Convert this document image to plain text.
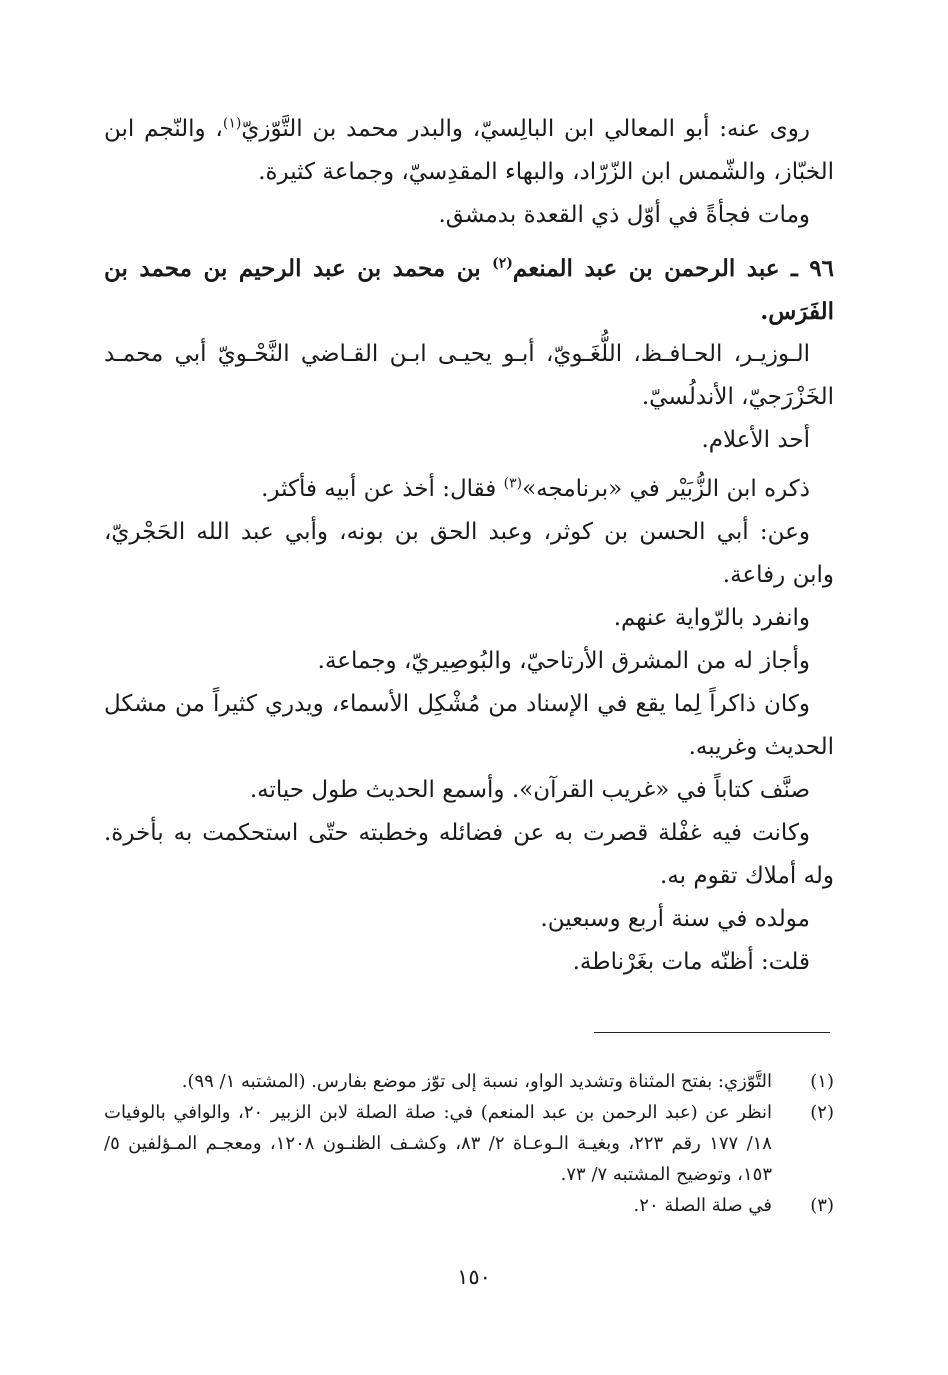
روى عنه: أبو المعالي ابن البالِسيّ، والبدر محمد بن التَّوّزيّ$^{(١)}$، والنّجم ابن الخبّاز، والشّمس ابن الزّرّاد، والبهاء المقدِسيّ، وجماعة كثيرة.

ومات فجأةً في أوّل ذي القعدة بدمشق.

٩٦ ـ عبد الرحمن بن عبد المنعم$^{(٢)}$ بن محمد بن عبد الرحيم بن محمد بن الفَرَس.

الـوزيـر، الحـافـظ، اللُّغَـويّ، أبـو يحيـى ابـن القـاضي النَّحْـويّ أبي محمـد الخَزْرَجيّ، الأندلُسيّ.

أحد الأعلام.

ذكره ابن الزُّبَيْر في «برنامجه»$^{(٣)}$ فقال: أخذ عن أبيه فأكثر.

وعن: أبي الحسن بن كوثر، وعبد الحق بن بونه، وأبي عبد الله الحَجْريّ، وابن رفاعة.

وانفرد بالرّواية عنهم.

وأجاز له من المشرق الأرتاحيّ، والبُوصِيريّ، وجماعة.

وكان ذاكراً لِما يقع في الإسناد من مُشْكِل الأسماء، ويدري كثيراً من مشكل الحديث وغريبه.

صنَّف كتاباً في «غريب القرآن». وأسمع الحديث طول حياته.

وكانت فيه غفْلة قصرت به عن فضائله وخطبته حتّى استحكمت به بأخرة. وله أملاك تقوم به.

مولده في سنة أربع وسبعين.

قلت: أظنّه مات بغَرْناطة.

(١)
التَّوّزي: بفتح المثناة وتشديد الواو، نسبة إلى توّز موضع بفارس. (المشتبه ١/ ٩٩).
(٢)
انظر عن (عبد الرحمن بن عبد المنعم) في: صلة الصلة لابن الزبير ٢٠، والوافي بالوفيات ١٨/ ١٧٧ رقم ٢٢٣، وبغيـة الـوعـاة ٢/ ٨٣، وكشـف الظنـون ١٢٠٨، ومعجـم المـؤلفين ٥/ ١٥٣، وتوضيح المشتبه ٧/ ٧٣.
(٣)
في صلة الصلة ٢٠.
١٥٠
